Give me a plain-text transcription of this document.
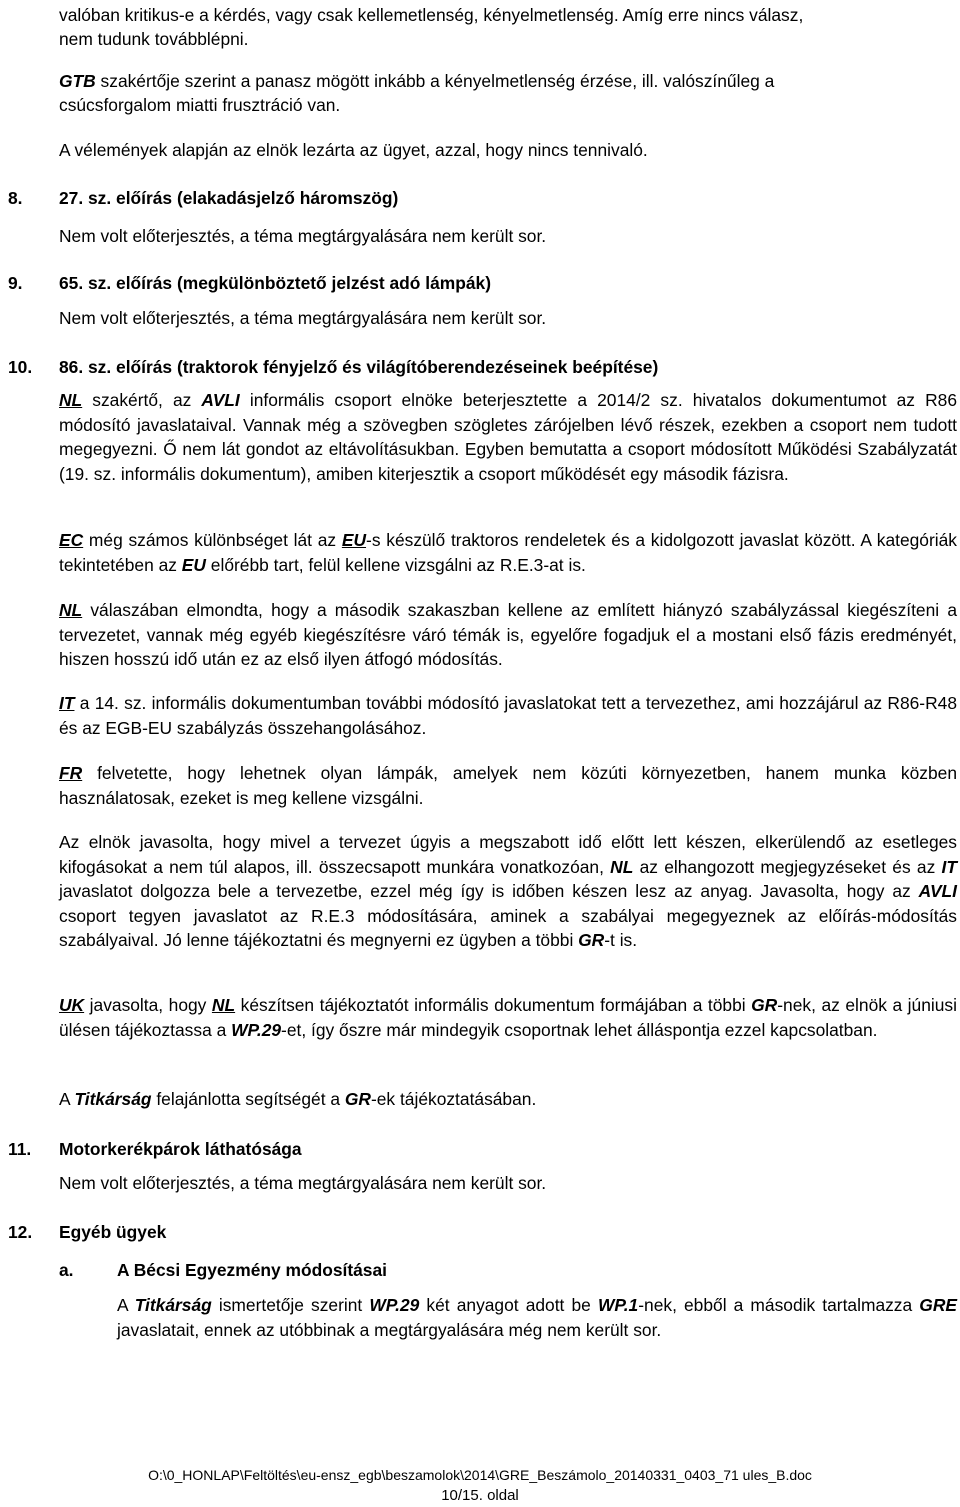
valóban kritikus-e a kérdés, vagy csak kellemetlenség, kényelmetlenség. Amíg erre nincs válasz,
nem tudunk továbblépni.
GTB szakértője szerint a panasz mögött inkább a kényelmetlenség érzése, ill. valószínűleg a
csúcsforgalom miatti frusztráció van.
A vélemények alapján az elnök lezárta az ügyet, azzal, hogy nincs tennivaló.
8. 27. sz. előírás (elakadásjelző háromszög)
Nem volt előterjesztés, a téma megtárgyalására nem került sor.
9. 65. sz. előírás (megkülönböztető jelzést adó lámpák)
Nem volt előterjesztés, a téma megtárgyalására nem került sor.
10. 86. sz. előírás (traktorok fényjelző és világítóberendezéseinek beépítése)
NL szakértő, az AVLI informális csoport elnöke beterjesztette a 2014/2 sz. hivatalos dokumentumot az R86 módosító javaslataival. Vannak még a szövegben szögletes zárójelben lévő részek, ezekben a csoport nem tudott megegyezni. Ő nem lát gondot az eltávolításukban. Egyben bemutatta a csoport módosított Működési Szabályzatát (19. sz. informális dokumentum), amiben kiterjesztik a csoport működését egy második fázisra.
EC még számos különbséget lát az EU-s készülő traktoros rendeletek és a kidolgozott javaslat között. A kategóriák tekintetében az EU előrébb tart, felül kellene vizsgálni az R.E.3-at is.
NL válaszában elmondta, hogy a második szakaszban kellene az említett hiányzó szabályzással kiegészíteni a tervezetet, vannak még egyéb kiegészítésre váró témák is, egyelőre fogadjuk el a mostani első fázis eredményét, hiszen hosszú idő után ez az első ilyen átfogó módosítás.
IT a 14. sz. informális dokumentumban további módosító javaslatokat tett a tervezethez, ami hozzájárul az R86-R48 és az EGB-EU szabályzás összehangolásához.
FR felvetette, hogy lehetnek olyan lámpák, amelyek nem közúti környezetben, hanem munka közben használatosak, ezeket is meg kellene vizsgálni.
Az elnök javasolta, hogy mivel a tervezet úgyis a megszabott idő előtt lett készen, elkerülendő az esetleges kifogásokat a nem túl alapos, ill. összecsapott munkára vonatkozóan, NL az elhangozott megjegyzéseket és az IT javaslatot dolgozza bele a tervezetbe, ezzel még így is időben készen lesz az anyag. Javasolta, hogy az AVLI csoport tegyen javaslatot az R.E.3 módosítására, aminek a szabályai megegyeznek az előírás-módosítás szabályaival. Jó lenne tájékoztatni és megnyerni ez ügyben a többi GR-t is.
UK javasolta, hogy NL készítsen tájékoztatót informális dokumentum formájában a többi GR-nek, az elnök a júniusi ülésen tájékoztassa a WP.29-et, így őszre már mindegyik csoportnak lehet álláspontja ezzel kapcsolatban.
A Titkárság felajánlotta segítségét a GR-ek tájékoztatásában.
11. Motorkerékpárok láthatósága
Nem volt előterjesztés, a téma megtárgyalására nem került sor.
12. Egyéb ügyek
a. A Bécsi Egyezmény módosításai
A Titkárság ismertetője szerint WP.29 két anyagot adott be WP.1-nek, ebből a második tartalmazza GRE javaslatait, ennek az utóbbinak a megtárgyalására még nem került sor.
O:\0_HONLAP\Feltöltés\eu-ensz_egb\beszamolok\2014\GRE_Beszámolo_20140331_0403_71 ules_B.doc
10/15. oldal
